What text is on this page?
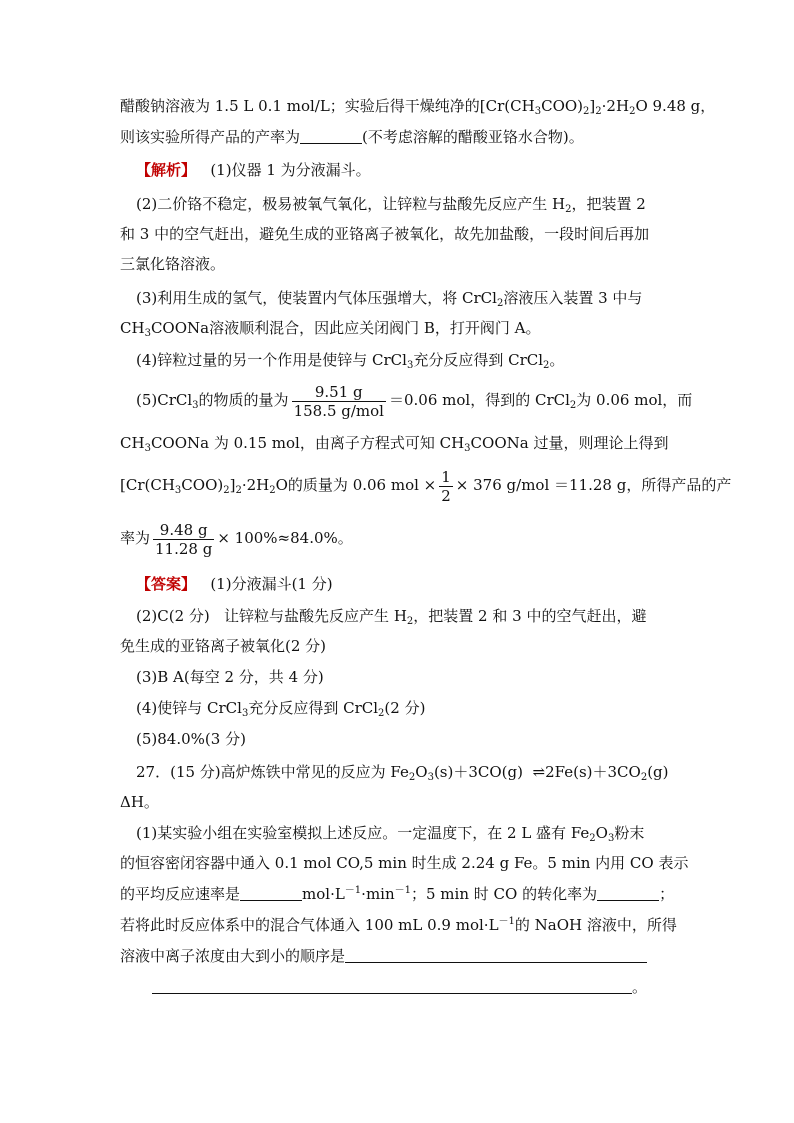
醋酸钠溶液为 1.5 L 0.1 mol/L；实验后得干燥纯净的$[Cr(CH_3COO)_2]_2\cdot 2H_2O$ 9.48 g，
则该实验所得产品的产率为	(不考虑溶解的醋酸亚铬水合物)。
【解析】 (1)仪器 1 为分液漏斗。
(2)二价铬不稳定，极易被氧气氧化，让锌粒与盐酸先反应产生 $H_2$，把装置 2
和 3 中的空气赶出，避免生成的亚铬离子被氧化，故先加盐酸，一段时间后再加
三氯化铬溶液。
(3)利用生成的氢气，使装置内气体压强增大，将 CrCl$_2$溶液压入装置 3 中与
$CH_3COONa$溶液顺利混合，因此应关闭阀门 B，打开阀门 A。
(4)锌粒过量的另一个作用是使锌与 CrCl$_3$充分反应得到 CrCl$_2$。
(5)CrCl$_3$的物质的量为 $\frac{9.51 g}{\text{158.5 g/mol}} =0.06$ mol，得到的 CrCl$_2$为 0.06 mol，而
$CH_3COONa$ 为 0.15 mol，由离子方程式可知 $CH_3COONa$ 过量，则理论上得到
$[Cr(CH_3COO)_2]_2\cdot 2H_2O$的质量为 0.06 mol × $\frac{1}{2} \times 376$ g/mol ＝11.28 g，所得产品的产
率为 $\frac{9.48 g}{11.28 g} \times 100\%\approx 84.0\%$。
【答案】 (1)分液漏斗(1 分)
(2)C(2 分)   让锌粒与盐酸先反应产生 $H_2$，把装置 2 和 3 中的空气赶出，避
免生成的亚铬离子被氧化(2 分)
(3)B A(每空 2 分，共 4 分)
(4)使锌与 CrCl$_3$充分反应得到 CrCl$_2$(2 分)
(5)84.0%(3 分)
27．(15 分)高炉炼铁中常见的反应为 $Fe_2O_3(s)+3CO(g)$  $\rightleftharpoons 2Fe(s)+3CO_2(g)$
ΔH。
(1)某实验小组在实验室模拟上述反应。一定温度下，在 2 L 盛有 $Fe_2O_3$粉末
的恒容密闭容器中通入 0.1 mol CO,5 min 时生成 2.24 g Fe。5 min 内用 CO 表示
的平均反应速率是	$mol\cdot L^{-1}\cdot\min^{-1}$；5 min 时 CO 的转化率为	；
若将此时反应体系中的混合气体通入 100 mL 0.9 $mol\cdot L^{-1}$的 NaOH 溶液中，所得
溶液中离子浓度由大到小的顺序是
。
